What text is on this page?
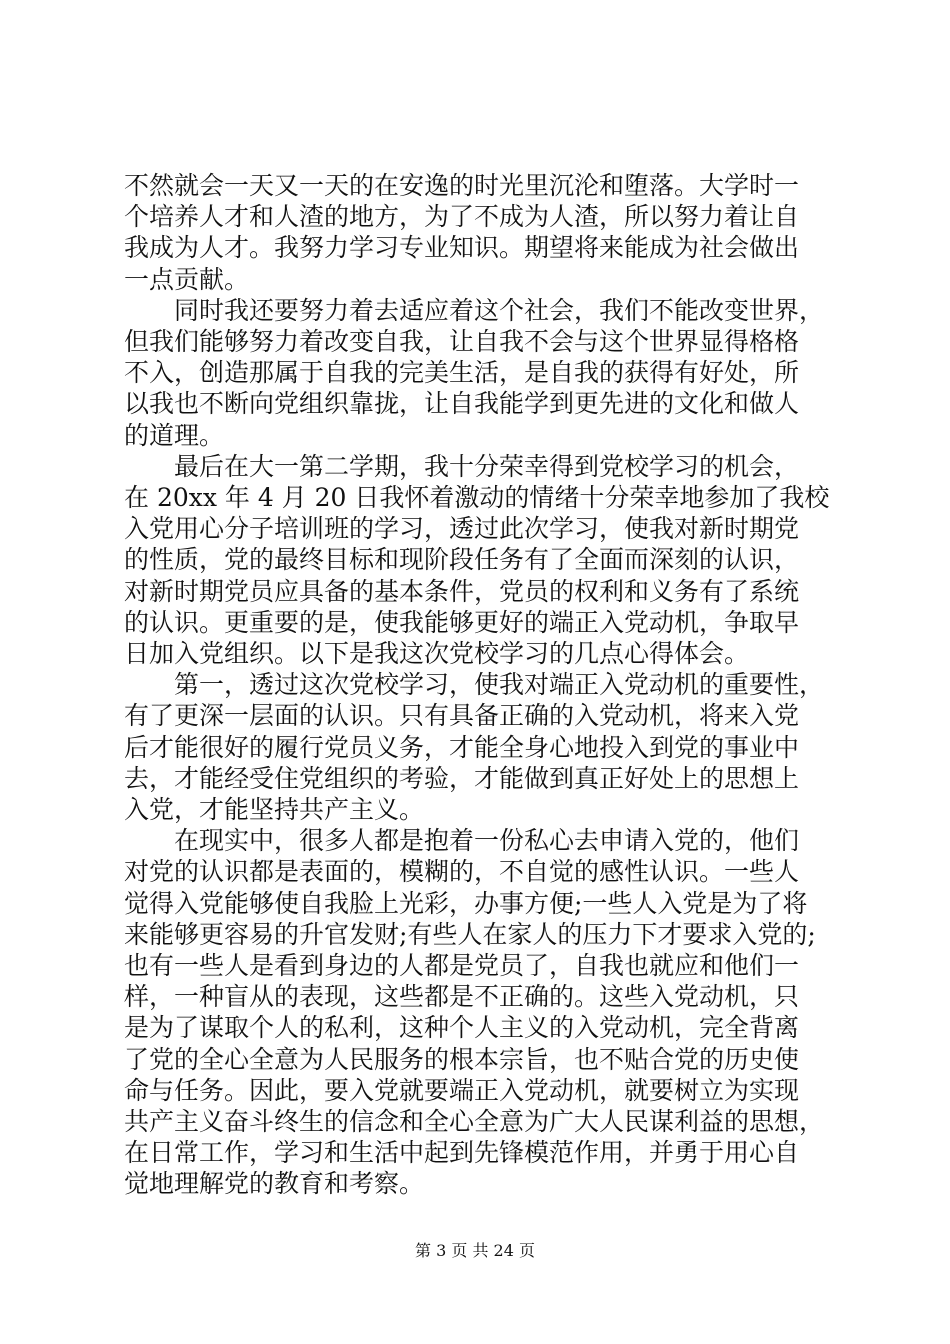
不然就会一天又一天的在安逸的时光里沉沦和堕落。大学时一
个培养人才和人渣的地方，为了不成为人渣，所以努力着让自
我成为人才。我努力学习专业知识。期望将来能成为社会做出
一点贡献。
　　同时我还要努力着去适应着这个社会，我们不能改变世界，
但我们能够努力着改变自我，让自我不会与这个世界显得格格
不入，创造那属于自我的完美生活，是自我的获得有好处，所
以我也不断向党组织靠拢，让自我能学到更先进的文化和做人
的道理。
　　最后在大一第二学期，我十分荣幸得到党校学习的机会，
在 20xx 年 4 月 20 日我怀着激动的情绪十分荣幸地参加了我校
入党用心分子培训班的学习，透过此次学习，使我对新时期党
的性质，党的最终目标和现阶段任务有了全面而深刻的认识，
对新时期党员应具备的基本条件，党员的权利和义务有了系统
的认识。更重要的是，使我能够更好的端正入党动机，争取早
日加入党组织。以下是我这次党校学习的几点心得体会。
　　第一，透过这次党校学习，使我对端正入党动机的重要性，
有了更深一层面的认识。只有具备正确的入党动机，将来入党
后才能很好的履行党员义务，才能全身心地投入到党的事业中
去，才能经受住党组织的考验，才能做到真正好处上的思想上
入党，才能坚持共产主义。
　　在现实中，很多人都是抱着一份私心去申请入党的，他们
对党的认识都是表面的，模糊的，不自觉的感性认识。一些人
觉得入党能够使自我脸上光彩，办事方便;一些人入党是为了将
来能够更容易的升官发财;有些人在家人的压力下才要求入党的;
也有一些人是看到身边的人都是党员了，自我也就应和他们一
样，一种盲从的表现，这些都是不正确的。这些入党动机，只
是为了谋取个人的私利，这种个人主义的入党动机，完全背离
了党的全心全意为人民服务的根本宗旨，也不贴合党的历史使
命与任务。因此，要入党就要端正入党动机，就要树立为实现
共产主义奋斗终生的信念和全心全意为广大人民谋利益的思想，
在日常工作，学习和生活中起到先锋模范作用，并勇于用心自
觉地理解党的教育和考察。
第 3 页 共 24 页
